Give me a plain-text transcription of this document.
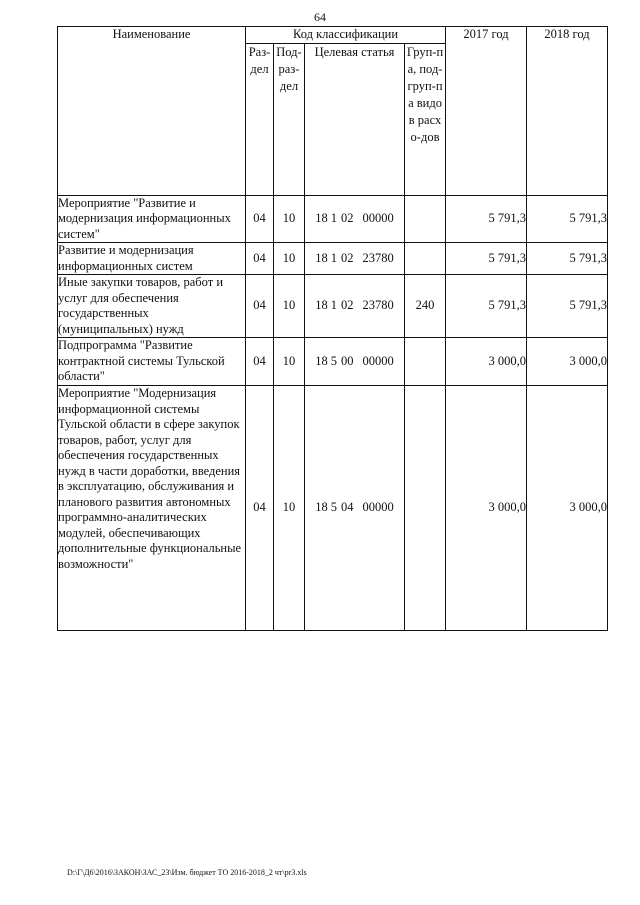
64
Наименование	Код классификации				2017 год	2018 год

	Раз-дел	Под-раз-дел	Целевая статья	Груп-па, под-груп-па видов расхо-дов		

Мероприятие "Развитие и модернизация информационных систем"	04	10	18 1 02 00000		5 791,3	5 791,3
Развитие и модернизация информационных систем	04	10	18 1 02 23780		5 791,3	5 791,3
Иные закупки товаров, работ и услуг для обеспечения государственных (муниципальных) нужд	04	10	18 1 02 23780	240	5 791,3	5 791,3
Подпрограмма "Развитие контрактной системы Тульской области"	04	10	18 5 00 00000		3 000,0	3 000,0
Мероприятие "Модернизация информационной системы Тульской области в сфере закупок товаров, работ, услуг для обеспечения государственных нужд в части доработки, введения в эксплуатацию, обслуживания и планового развития автономных программно-аналитических модулей, обеспечивающих дополнительные функциональные возможности"	04	10	18 5 04 00000		3 000,0	3 000,0
D:\Г\Д6\2016\ЗАКОН\ЗАС_23\Изм. бюджет ТО 2016-2018_2 чт\pr3.xls
